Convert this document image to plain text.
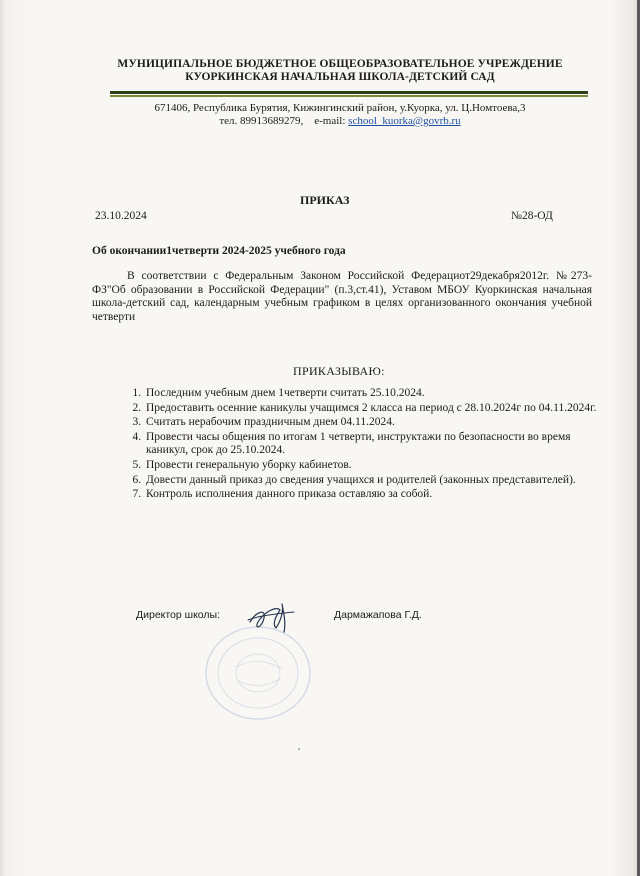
МУНИЦИПАЛЬНОЕ БЮДЖЕТНОЕ ОБЩЕОБРАЗОВАТЕЛЬНОЕ УЧРЕЖДЕНИЕ
КУОРКИНСКАЯ НАЧАЛЬНАЯ ШКОЛА-ДЕТСКИЙ САД
671406, Республика Бурятия, Кижингинский район, у.Куорка, ул. Ц.Номтоева,3
тел. 89913689279, e-mail: school_kuorka@govrb.ru
ПРИКАЗ
23.10.2024	№28-ОД
Об окончании1четверти 2024-2025 учебного года
В соответствии с Федеральным Законом Российской Федерациот29декабря2012г. №273-ФЗ"Об образовании в Российской Федерации" (п.3,ст.41), Уставом МБОУ Куоркинская начальная школа-детский сад, календарным учебным графиком в целях организованного окончания учебной четверти
ПРИКАЗЫВАЮ:
1. Последним учебным днем 1четверти считать 25.10.2024.
2. Предоставить осенние каникулы учащимся 2 класса на период с 28.10.2024г по 04.11.2024г.
3. Считать нерабочим праздничным днем 04.11.2024.
4. Провести часы общения по итогам 1 четверти, инструктажи по безопасности во время каникул, срок до 25.10.2024.
5. Провести генеральную уборку кабинетов.
6. Довести данный приказ до сведения учащихся и родителей (законных представителей).
7. Контроль исполнения данного приказа оставляю за собой.
Директор школы:	Дармажапова Г.Д.
